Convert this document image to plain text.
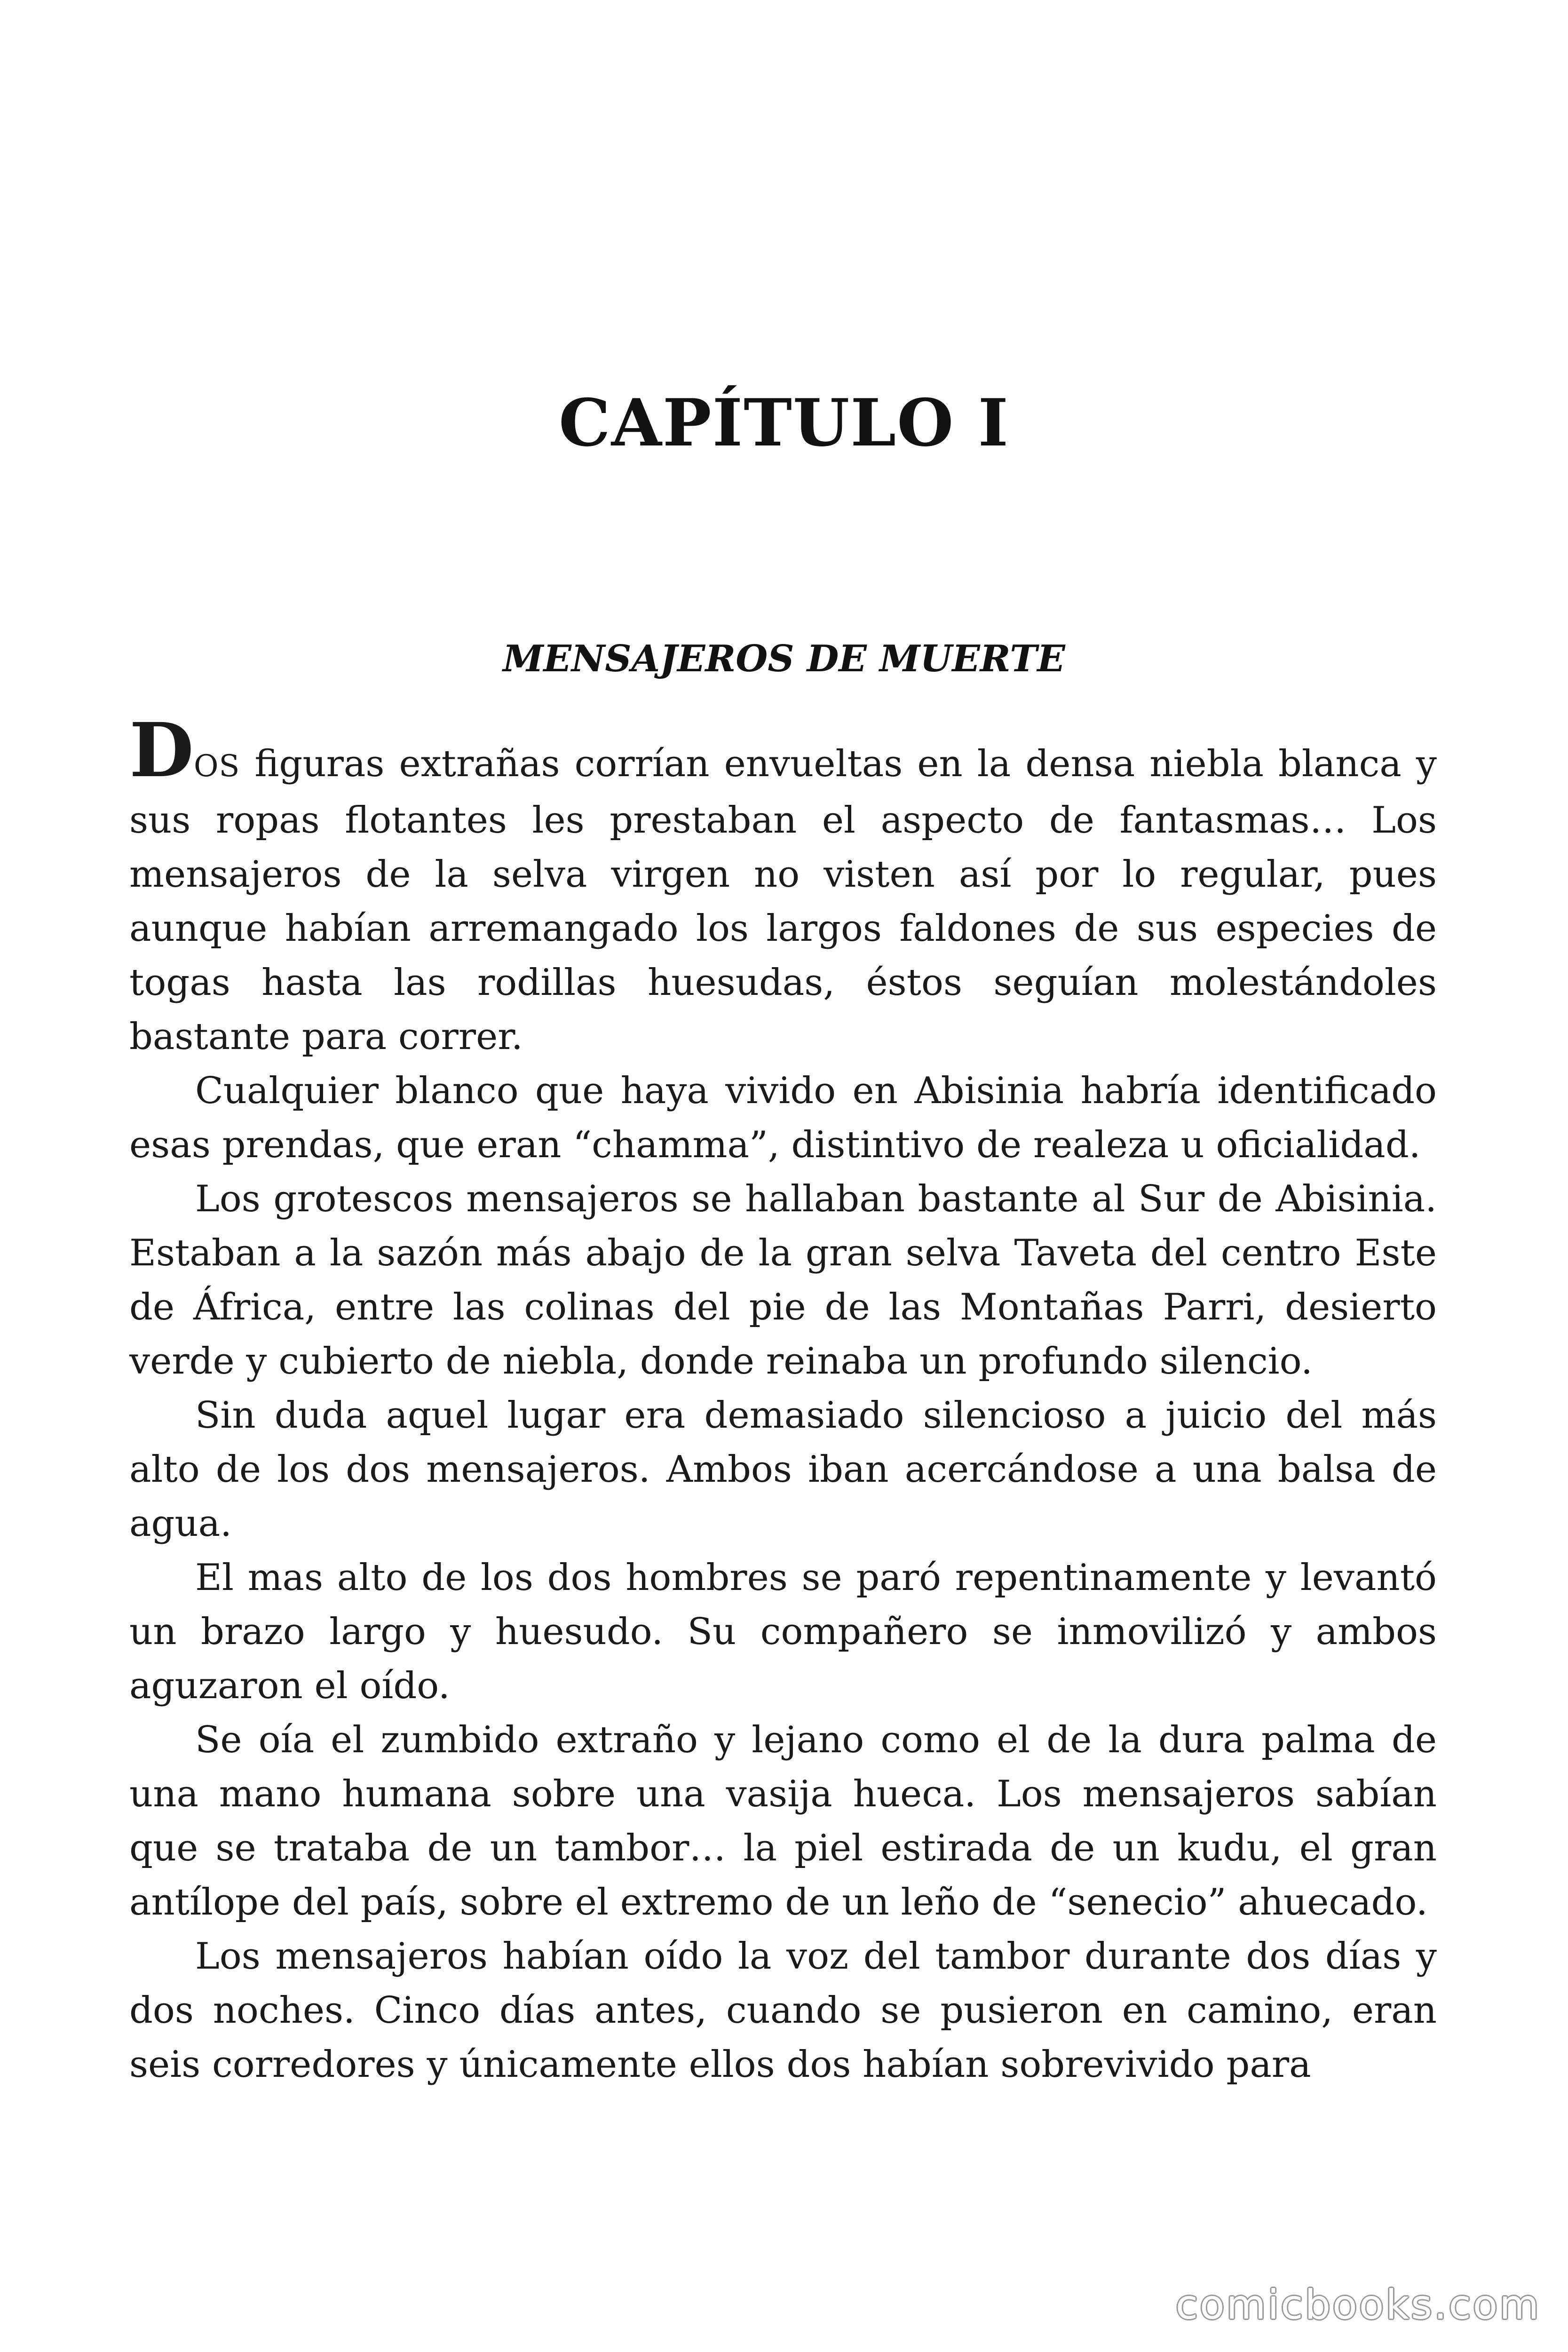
CAPÍTULO I
MENSAJEROS DE MUERTE

DOS figuras extrañas corrían envueltas en la densa niebla blanca y sus ropas flotantes les prestaban el aspecto de fantasmas… Los mensajeros de la selva virgen no visten así por lo regular, pues aunque habían arremangado los largos faldones de sus especies de togas hasta las rodillas huesudas, éstos seguían molestándoles bastante para correr.

Cualquier blanco que haya vivido en Abisinia habría identificado esas prendas, que eran “chamma”, distintivo de realeza u oficialidad.

Los grotescos mensajeros se hallaban bastante al Sur de Abisinia. Estaban a la sazón más abajo de la gran selva Taveta del centro Este de África, entre las colinas del pie de las Montañas Parri, desierto verde y cubierto de niebla, donde reinaba un profundo silencio.

Sin duda aquel lugar era demasiado silencioso a juicio del más alto de los dos mensajeros. Ambos iban acercándose a una balsa de agua.

El mas alto de los dos hombres se paró repentinamente y levantó un brazo largo y huesudo. Su compañero se inmovilizó y ambos aguzaron el oído.

Se oía el zumbido extraño y lejano como el de la dura palma de una mano humana sobre una vasija hueca. Los mensajeros sabían que se trataba de un tambor… la piel estirada de un kudu, el gran antílope del país, sobre el extremo de un leño de “senecio” ahuecado.

Los mensajeros habían oído la voz del tambor durante dos días y dos noches. Cinco días antes, cuando se pusieron en camino, eran seis corredores y únicamente ellos dos habían sobrevivido para

comicbooks.com
